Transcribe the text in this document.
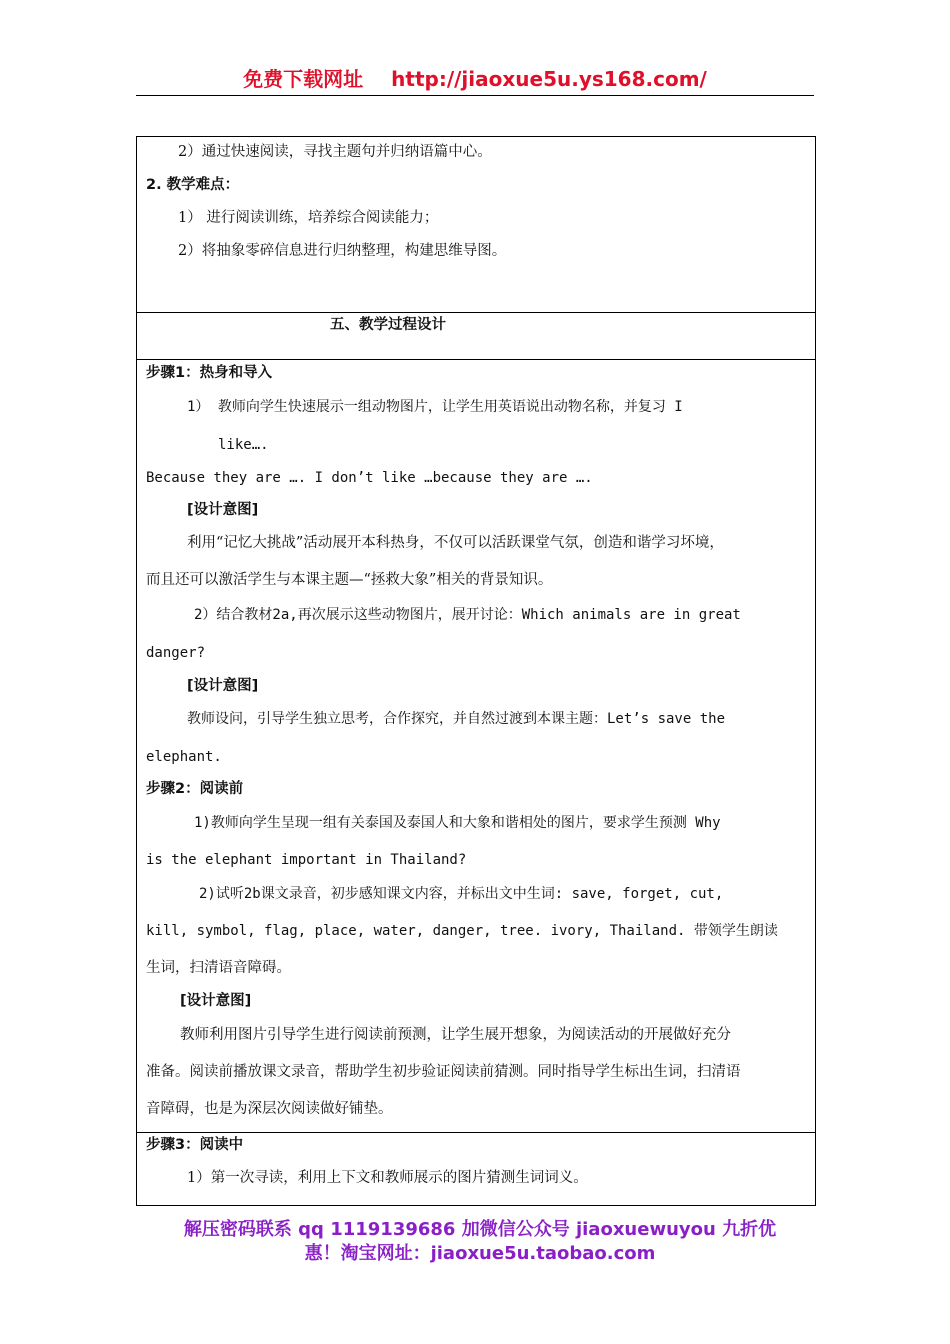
免费下载网址 http://jiaoxue5u.ys168.com/
2）通过快速阅读，寻找主题句并归纳语篇中心。
2. 教学难点：
1） 进行阅读训练，培养综合阅读能力；
2）将抽象零碎信息进行归纳整理，构建思维导图。
五、教学过程设计
步骤1：热身和导入
1） 教师向学生快速展示一组动物图片，让学生用英语说出动物名称，并复习 I
like….
Because they are …. I don’t like …because they are ….
[设计意图]
利用“记忆大挑战”活动展开本科热身，不仅可以活跃课堂气氛，创造和谐学习坏境，
而且还可以激活学生与本课主题—“拯救大象”相关的背景知识。
2）结合教材2a,再次展示这些动物图片，展开讨论：Which animals are in great
danger?
[设计意图]
教师设问，引导学生独立思考，合作探究，并自然过渡到本课主题：Let’s save the
elephant.
步骤2：阅读前
1)教师向学生呈现一组有关泰国及泰国人和大象和谐相处的图片，要求学生预测 Why
is the elephant important in Thailand?
2)试听2b课文录音，初步感知课文内容，并标出文中生词: save, forget, cut,
kill, symbol, flag, place, water, danger, tree. ivory, Thailand. 带领学生朗读
生词，扫清语音障碍。
[设计意图]
教师利用图片引导学生进行阅读前预测，让学生展开想象，为阅读活动的开展做好充分
准备。阅读前播放课文录音，帮助学生初步验证阅读前猜测。同时指导学生标出生词，扫清语
音障碍，也是为深层次阅读做好铺垫。
步骤3：阅读中
1）第一次寻读，利用上下文和教师展示的图片猜测生词词义。
解压密码联系 qq 1119139686 加微信公众号 jiaoxuewuyou 九折优
惠！淘宝网址：jiaoxue5u.taobao.com
